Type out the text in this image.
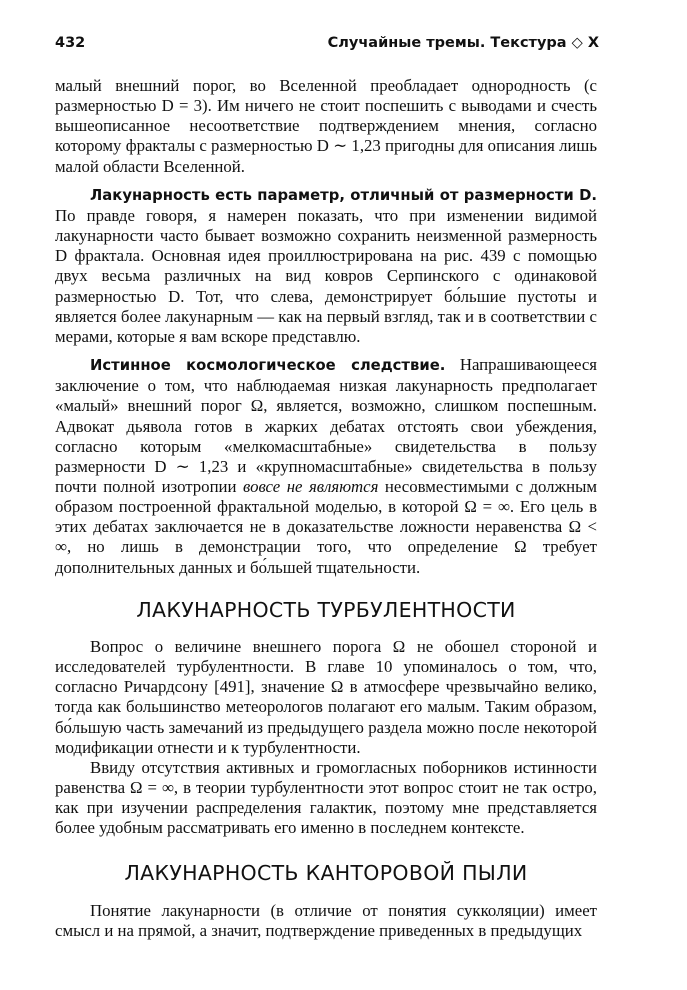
432	Случайные тремы. Текстура ◇ X

малый внешний порог, во Вселенной преобладает однородность (с размерностью D = 3). Им ничего не стоит поспешить с выводами и счесть вышеописанное несоответствие подтверждением мнения, согласно которому фракталы с размерностью D ∼ 1,23 пригодны для описания лишь малой области Вселенной.

Лакунарность есть параметр, отличный от размерности D. По правде говоря, я намерен показать, что при изменении видимой лакунарности часто бывает возможно сохранить неизменной размерность D фрактала. Основная идея проиллюстрирована на рис. 439 с помощью двух весьма различных на вид ковров Серпинского с одинаковой размерностью D. Тот, что слева, демонстрирует бо́льшие пустоты и является более лакунарным — как на первый взгляд, так и в соответствии с мерами, которые я вам вскоре представлю.

Истинное космологическое следствие. Напрашивающееся заключение о том, что наблюдаемая низкая лакунарность предполагает «малый» внешний порог Ω, является, возможно, слишком поспешным. Адвокат дьявола готов в жарких дебатах отстоять свои убеждения, согласно которым «мелкомасштабные» свидетельства в пользу размерности D ∼ 1,23 и «крупномасштабные» свидетельства в пользу почти полной изотропии вовсе не являются несовместимыми с должным образом построенной фрактальной моделью, в которой Ω = ∞. Его цель в этих дебатах заключается не в доказательстве ложности неравенства Ω < ∞, но лишь в демонстрации того, что определение Ω требует дополнительных данных и бо́льшей тщательности.

ЛАКУНАРНОСТЬ ТУРБУЛЕНТНОСТИ

Вопрос о величине внешнего порога Ω не обошел стороной и исследователей турбулентности. В главе 10 упоминалось о том, что, согласно Ричардсону [491], значение Ω в атмосфере чрезвычайно велико, тогда как большинство метеорологов полагают его малым. Таким образом, бо́льшую часть замечаний из предыдущего раздела можно после некоторой модификации отнести и к турбулентности.

Ввиду отсутствия активных и громогласных поборников истинности равенства Ω = ∞, в теории турбулентности этот вопрос стоит не так остро, как при изучении распределения галактик, поэтому мне представляется более удобным рассматривать его именно в последнем контексте.

ЛАКУНАРНОСТЬ КАНТОРОВОЙ ПЫЛИ

Понятие лакунарности (в отличие от понятия сукколяции) имеет смысл и на прямой, а значит, подтверждение приведенных в предыдущих
